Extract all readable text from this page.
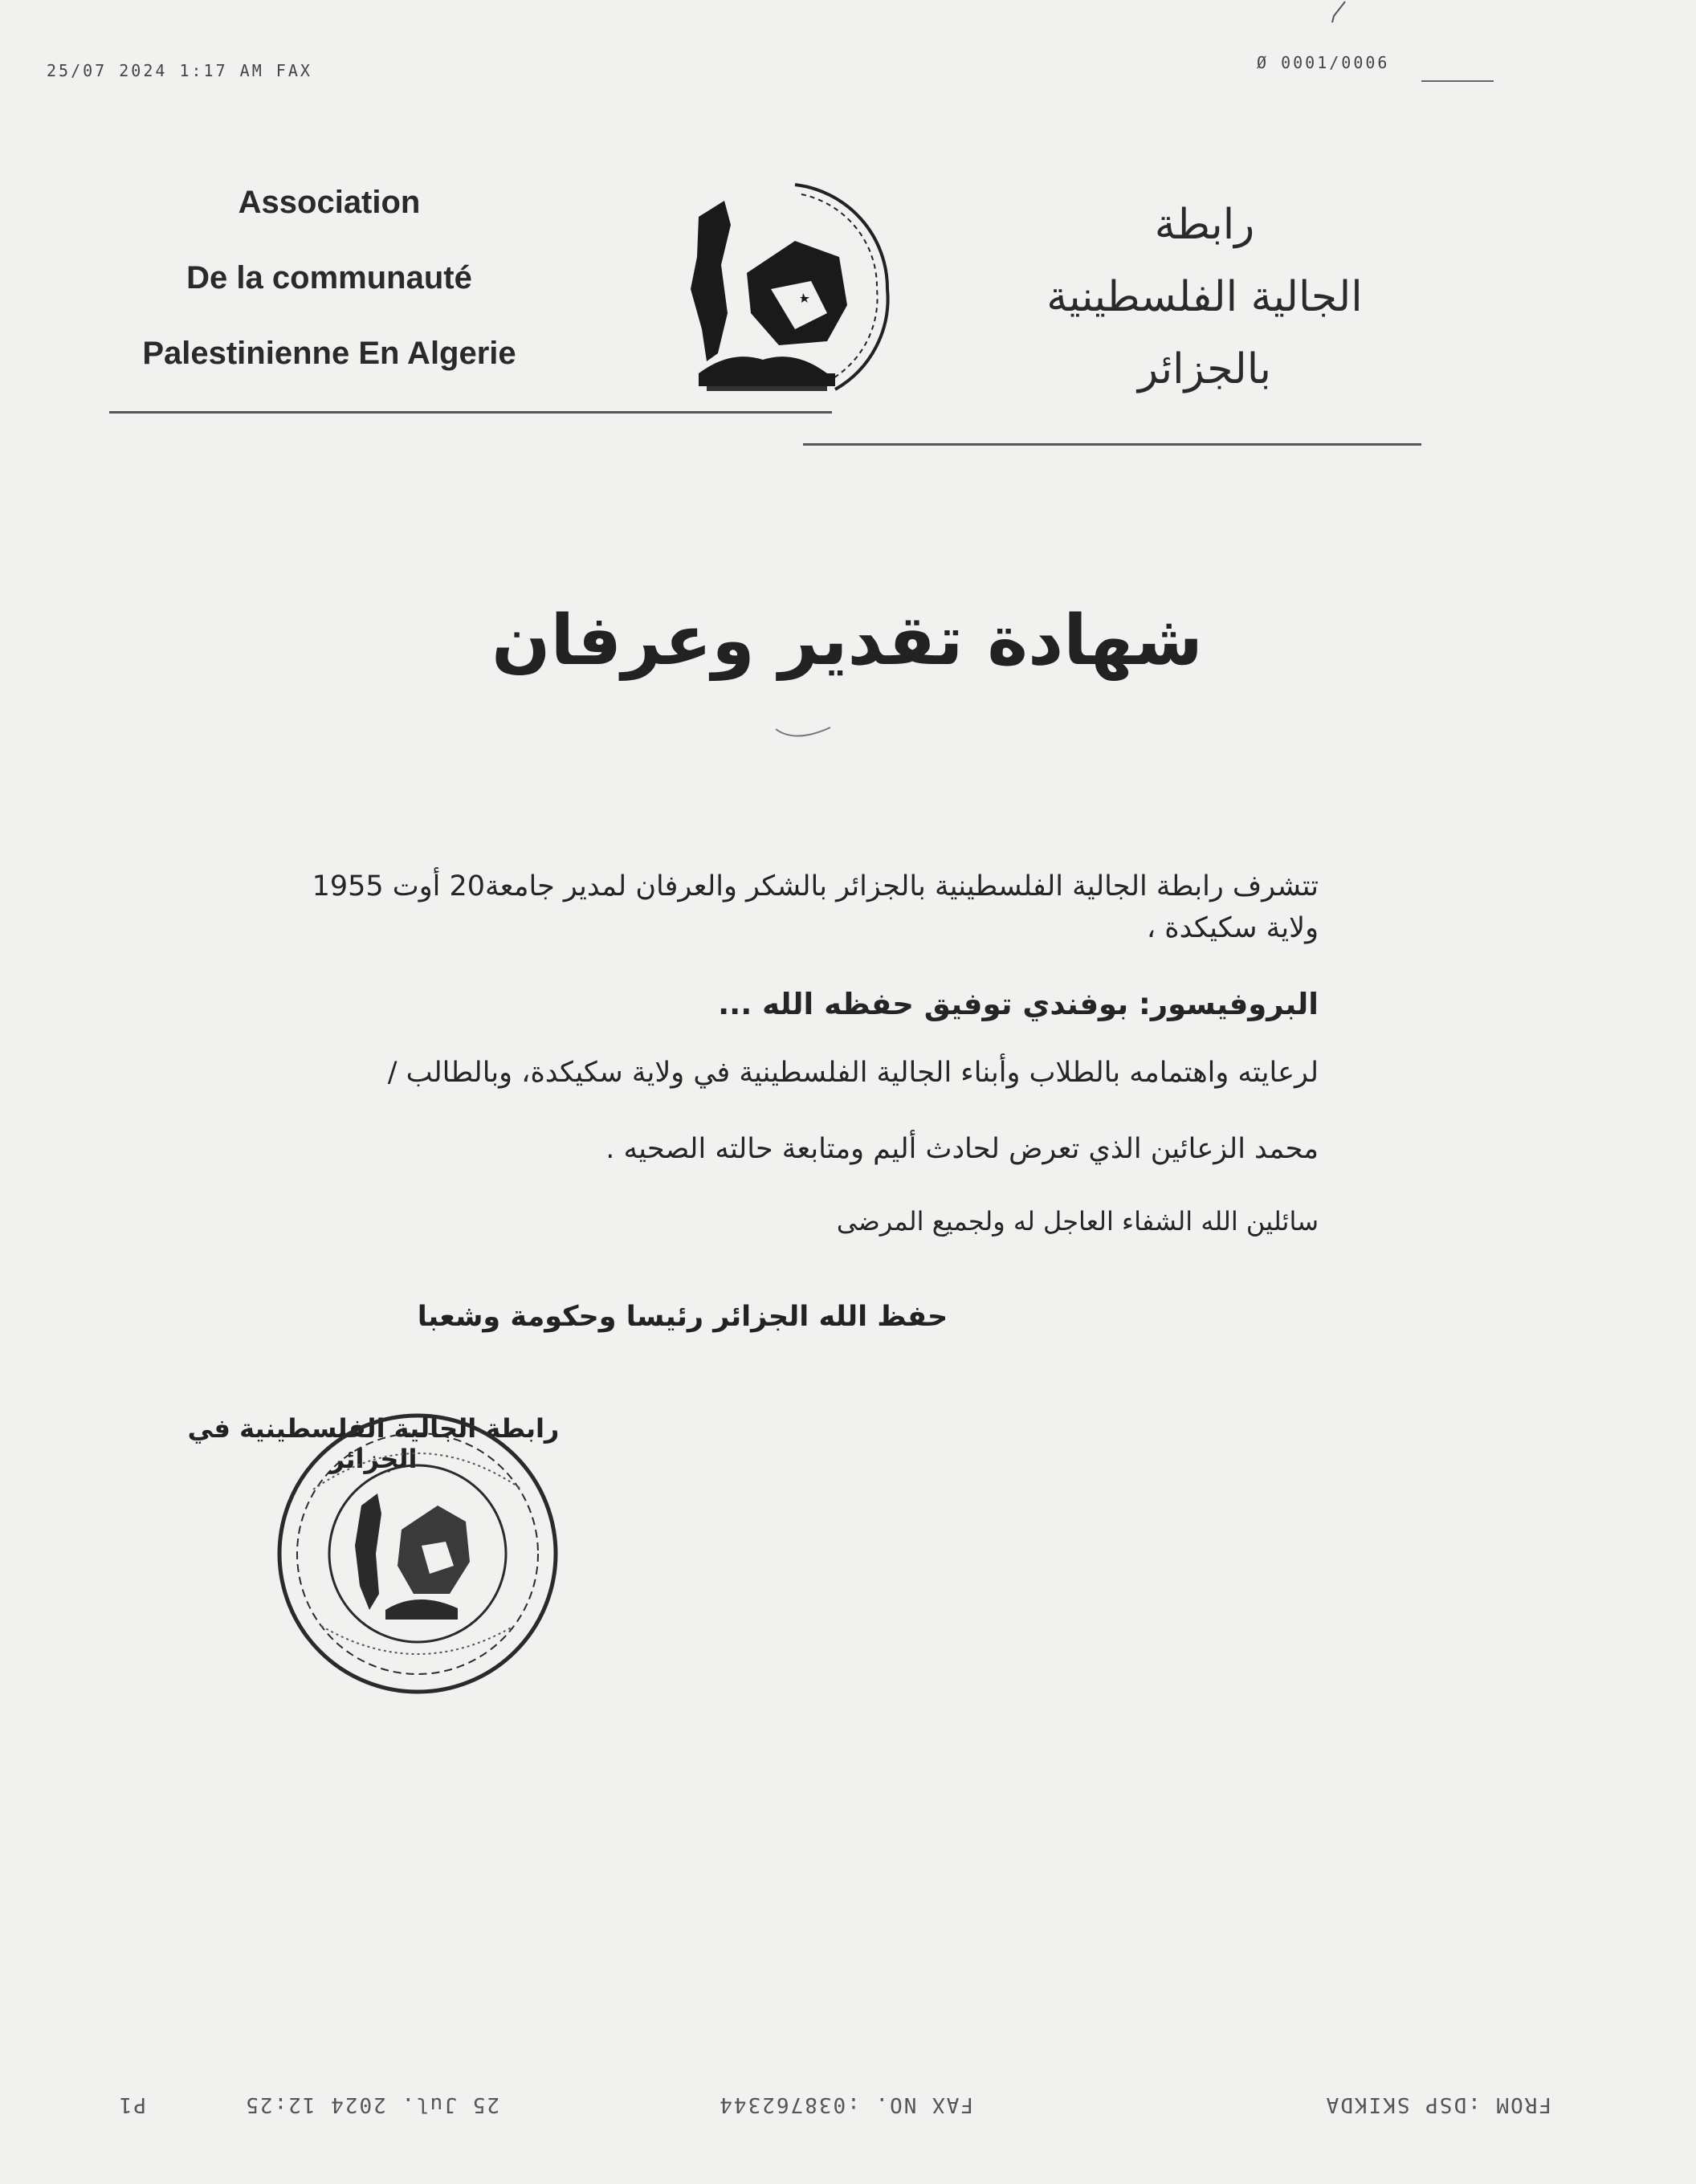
25/07 2024 1:17 AM FAX	Ø 0001/0006
Association
De la communauté
Palestinienne En Algerie
رابطة
الجالية الفلسطينية
بالجزائر
شهادة تقدير وعرفان
تتشرف رابطة الجالية الفلسطينية بالجزائر بالشكر والعرفان لمدير جامعة20 أوت 1955
ولاية سكيكدة ،
البروفيسور: بوفندي توفيق حفظه الله ...
لرعايته واهتمامه بالطلاب وأبناء الجالية الفلسطينية في ولاية سكيكدة، وبالطالب /
محمد الزعائين الذي تعرض لحادث أليم ومتابعة حالته الصحيه .
سائلين الله الشفاء العاجل له ولجميع المرضى
حفظ الله الجزائر رئيسا وحكومة وشعبا
رابطة الجالية الفلسطينية في الجزائر
FROM :DSP SKIKDA
FAX NO. :038762344
25 Jul. 2024 12:25
P1
